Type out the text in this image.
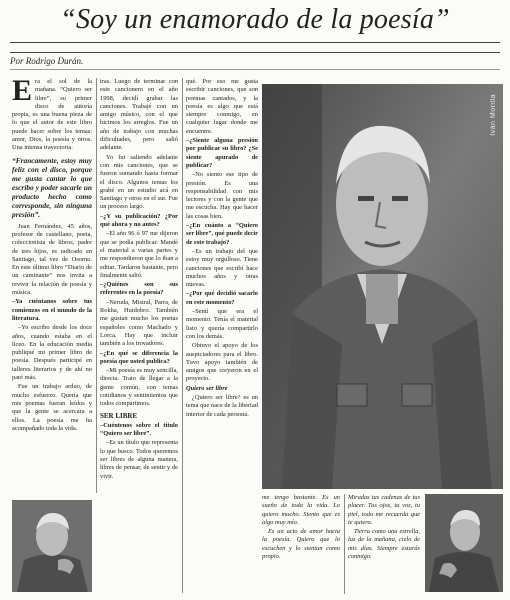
“Soy un enamorado de la poesía”
Por Rodrigo Durán.

Era el sol de la mañana. “Quiero ser libre”, su primer disco de autoría propia, es una buena pieza de lo que el autor de este libro puede hacer sobre los temas: amor, Dios, la poesía y otros. Una intensa trayectoria.

“Francamente, estoy muy feliz con el disco, porque me gusta cantar lo que escribo y poder sacarle un producto hecho como corresponde, sin ninguna presión”.

Juan Fernández, 45 años, profesor de castellano, poeta, coleccionista de libros, padre de tres hijos, es radicado en Santiago, tal vez de Osorno. En este último libro “Diario de un caminante” nos invita a revivir la relación de poesía y música.

–Ya cuéntanos sobre tus comienzos en el mundo de la literatura.

–Yo escribo desde los doce años, cuando estaba en el liceo. En la educación media publiqué mi primer libro de poesía. Después participé en talleres literarios y de ahí no paré más.

Fue un trabajo arduo, de mucho esfuerzo. Quería que mis poemas fueran leídos y que la gente se acercara a ellos. La poesía me ha acompañado toda la vida.

tras. Luego de terminar con este cancionero en el año 1998, decidí grabar las canciones. Trabajé con un amigo músico, con el que hicimos los arreglos. Fue un año de trabajo con muchas dificultades, pero salió adelante.

Yo fui saliendo adelante con mis canciones, que se fueron sumando hasta formar el disco. Algunos temas los grabé en un estudio acá en Santiago y otros en el sur. Fue un proceso largo.

–¿Y su publicación? ¿Por qué ahora y no antes?

–El año 96 ó 97 me dijeron que se podía publicar. Mandé el material a varias partes y me respondieron que lo iban a editar. Tardaron bastante, pero finalmente salió.

–¿Quiénes son sus referentes en la poesía?

–Neruda, Mistral, Parra, de Rokha, Huidobro. También me gustan mucho los poetas españoles como Machado y Lorca. Hay que incluir también a los trovadores.

–¿En qué se diferencia la poesía que usted publica?

–Mi poesía es muy sencilla, directa. Trato de llegar a la gente común, con temas cotidianos y sentimientos que todos compartimos.

SER LIBRE

–Cuéntenos sobre el título “Quiero ser libre”.

–Es un título que representa lo que busco. Todos queremos ser libres de alguna manera, libres de pensar, de sentir y de vivir.

qué. Por eso me gusta escribir canciones, que son poemas cantados, y la poesía es algo que está siempre conmigo, en cualquier lugar donde me encuentre.

–¿Siente alguna presión por publicar su libro? ¿Se siente apurado de publicar?

–No siento ese tipo de presión. Es una responsabilidad con mis lectores y con la gente que me escucha. Hay que hacer las cosas bien.

–¿En cuánto a “Quiero ser libre”, qué puede decir de este trabajo?

–Es un trabajo del que estoy muy orgulloso. Tiene canciones que escribí hace muchos años y otras nuevas.

–¿Por qué decidió sacarlo en este momento?

–Sentí que era el momento. Tenía el material listo y quería compartirlo con los demás.

Obtuvo el apoyo de los auspiciadores para el libro. Tuvo apoyo también de amigos que creyeron en el proyecto.

Quiero ser libre

¿Quiero ser libre? es un tema que nace de la libertad interior de cada persona.

Iván Morilla

me tengo bastante. Es un sueño de toda la vida. Lo quiero mucho. Siento que es algo muy mío.

Es un acto de amor hacia la poesía. Quiero que lo escuchen y lo sientan como propio.

Miradas tus cadenas de tus placer. Tus ojos, tu voz, tu piel, todo me recuerda que te quiero.

Tierra como una estrella, luz de la mañana, cielo de mis días. Siempre estarás conmigo.
